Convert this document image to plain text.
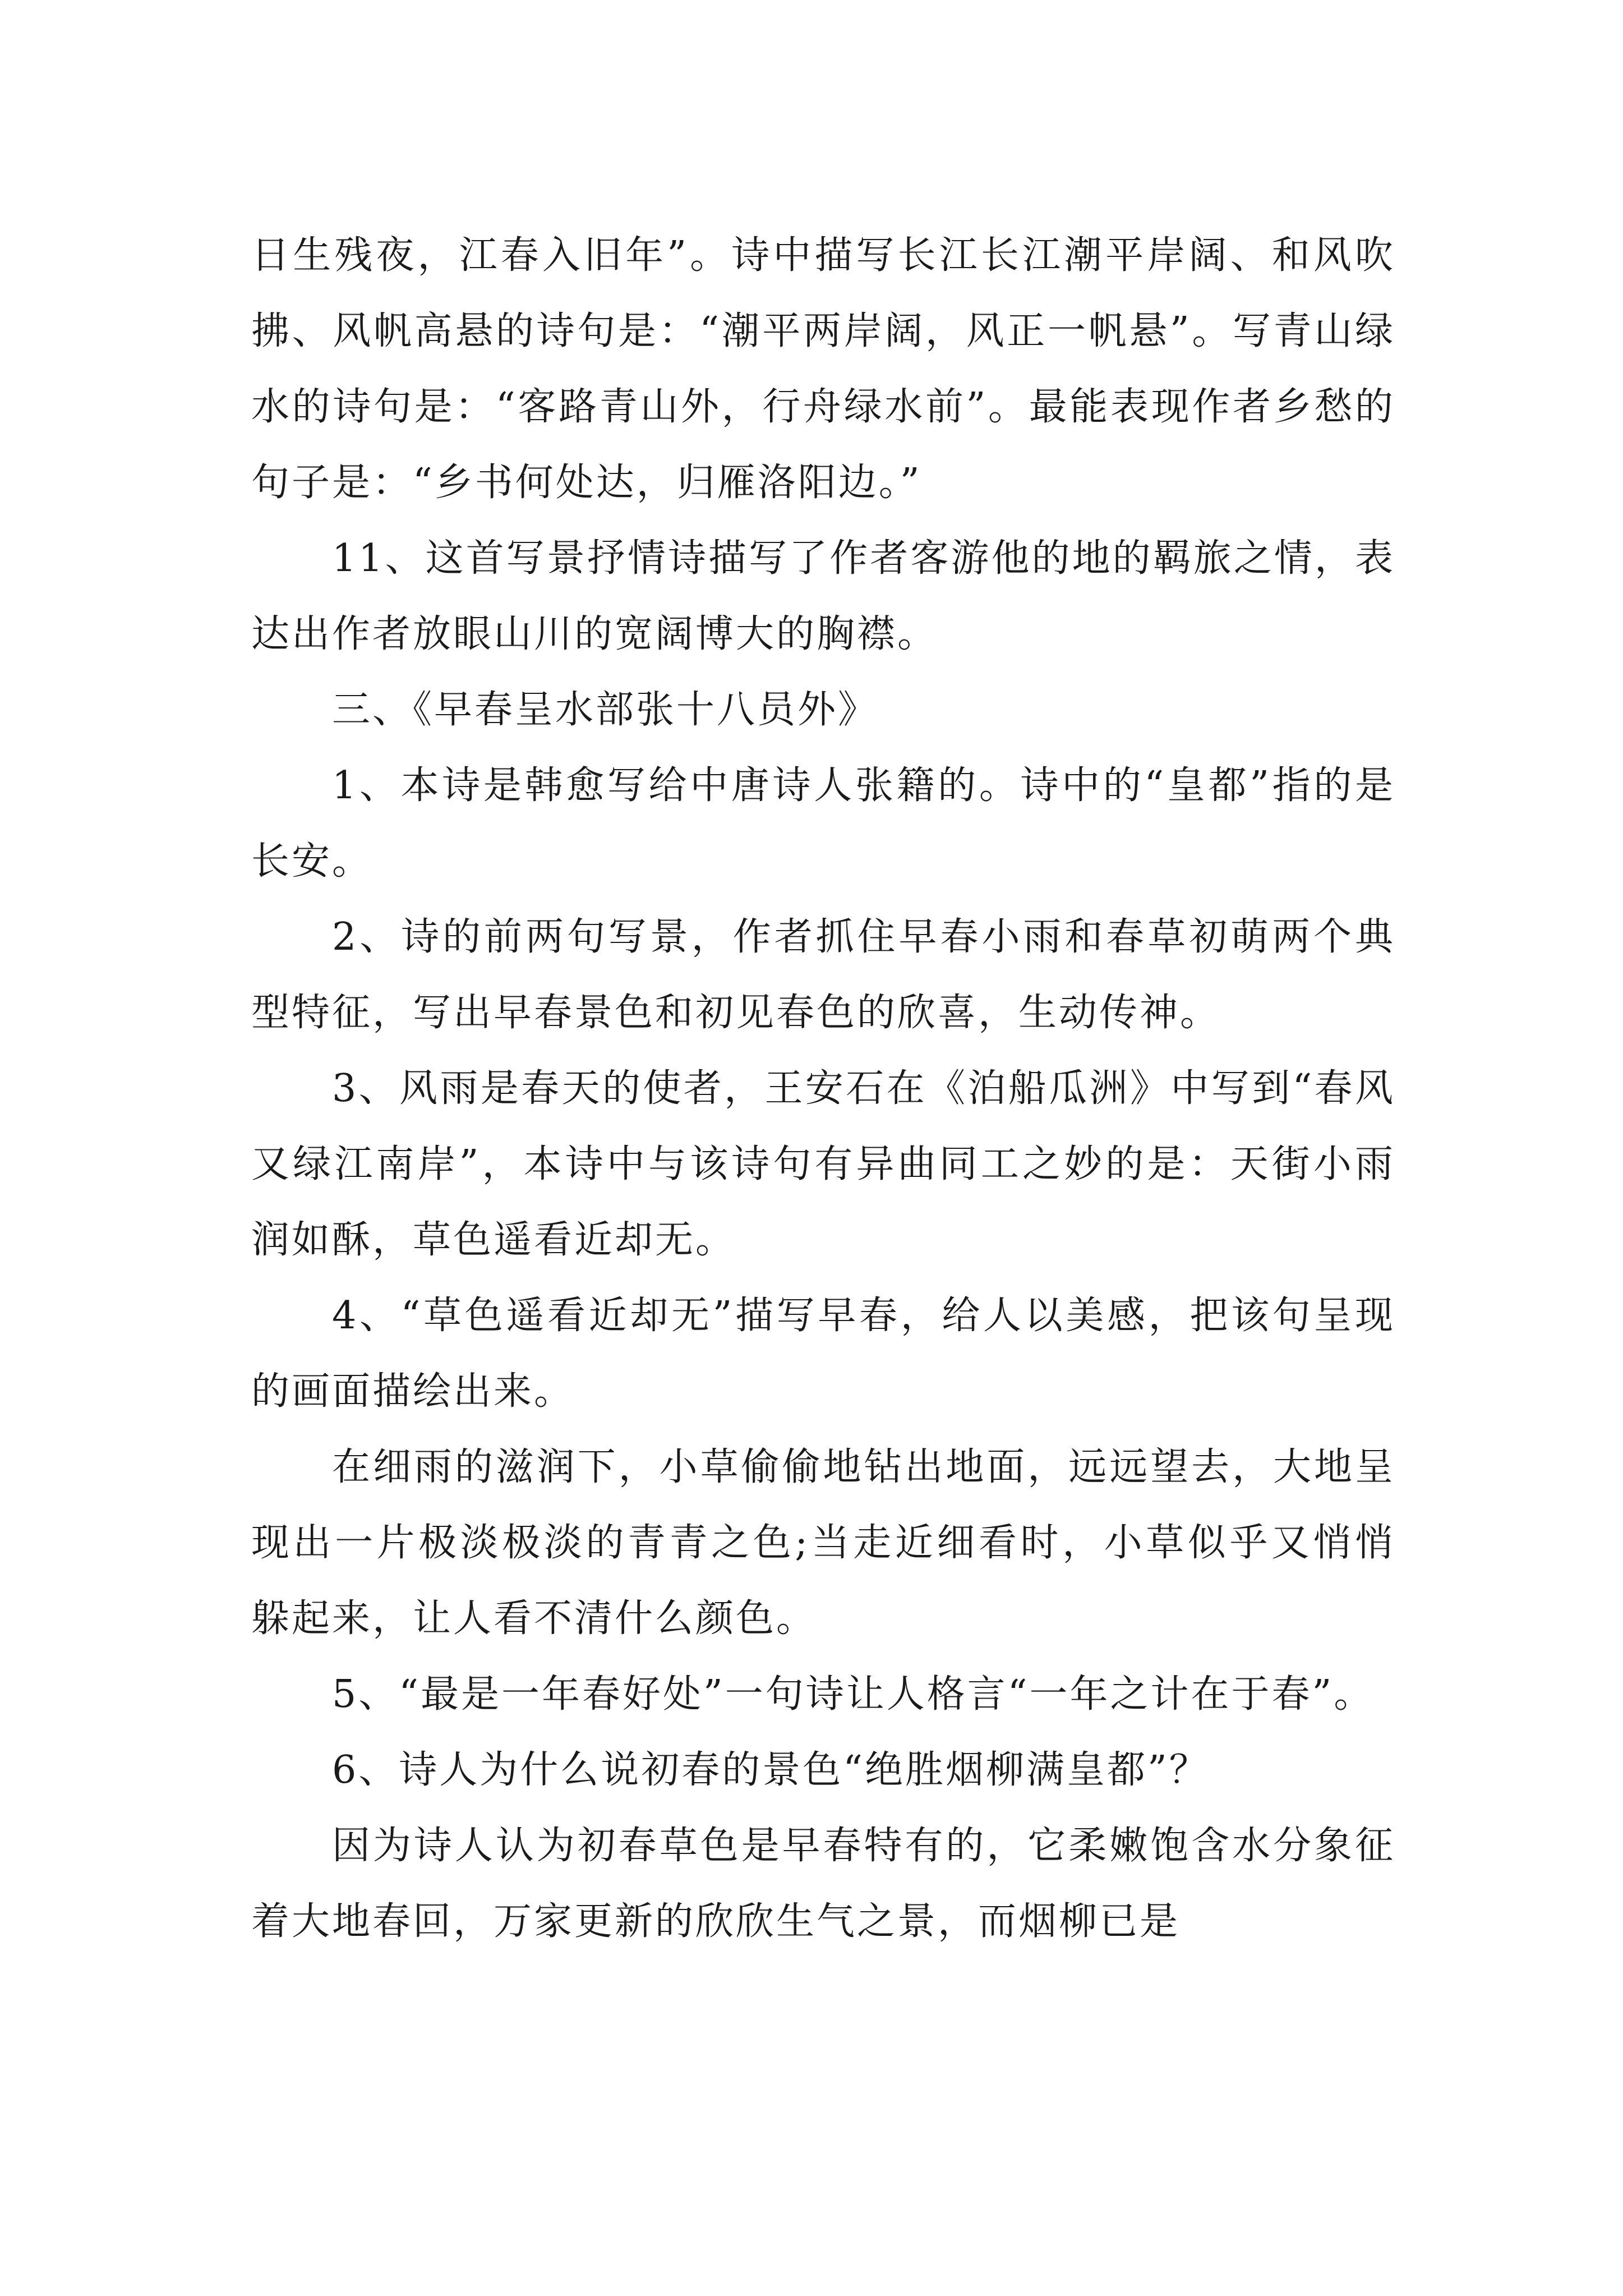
日生残夜，江春入旧年”。诗中描写长江长江潮平岸阔、和风吹拂、风帆高悬的诗句是：“潮平两岸阔，风正一帆悬”。写青山绿水的诗句是：“客路青山外，行舟绿水前”。最能表现作者乡愁的句子是：“乡书何处达，归雁洛阳边。”

11、这首写景抒情诗描写了作者客游他的地的羁旅之情，表达出作者放眼山川的宽阔博大的胸襟。

三、《早春呈水部张十八员外》

1、本诗是韩愈写给中唐诗人张籍的。诗中的“皇都”指的是长安。

2、诗的前两句写景，作者抓住早春小雨和春草初萌两个典型特征，写出早春景色和初见春色的欣喜，生动传神。

3、风雨是春天的使者，王安石在《泊船瓜洲》中写到“春风又绿江南岸”，本诗中与该诗句有异曲同工之妙的是：天街小雨润如酥，草色遥看近却无。

4、“草色遥看近却无”描写早春，给人以美感，把该句呈现的画面描绘出来。

在细雨的滋润下，小草偷偷地钻出地面，远远望去，大地呈现出一片极淡极淡的青青之色;当走近细看时，小草似乎又悄悄躲起来，让人看不清什么颜色。

5、“最是一年春好处”一句诗让人格言“一年之计在于春”。

6、诗人为什么说初春的景色“绝胜烟柳满皇都”？

因为诗人认为初春草色是早春特有的，它柔嫩饱含水分象征着大地春回，万家更新的欣欣生气之景，而烟柳已是
